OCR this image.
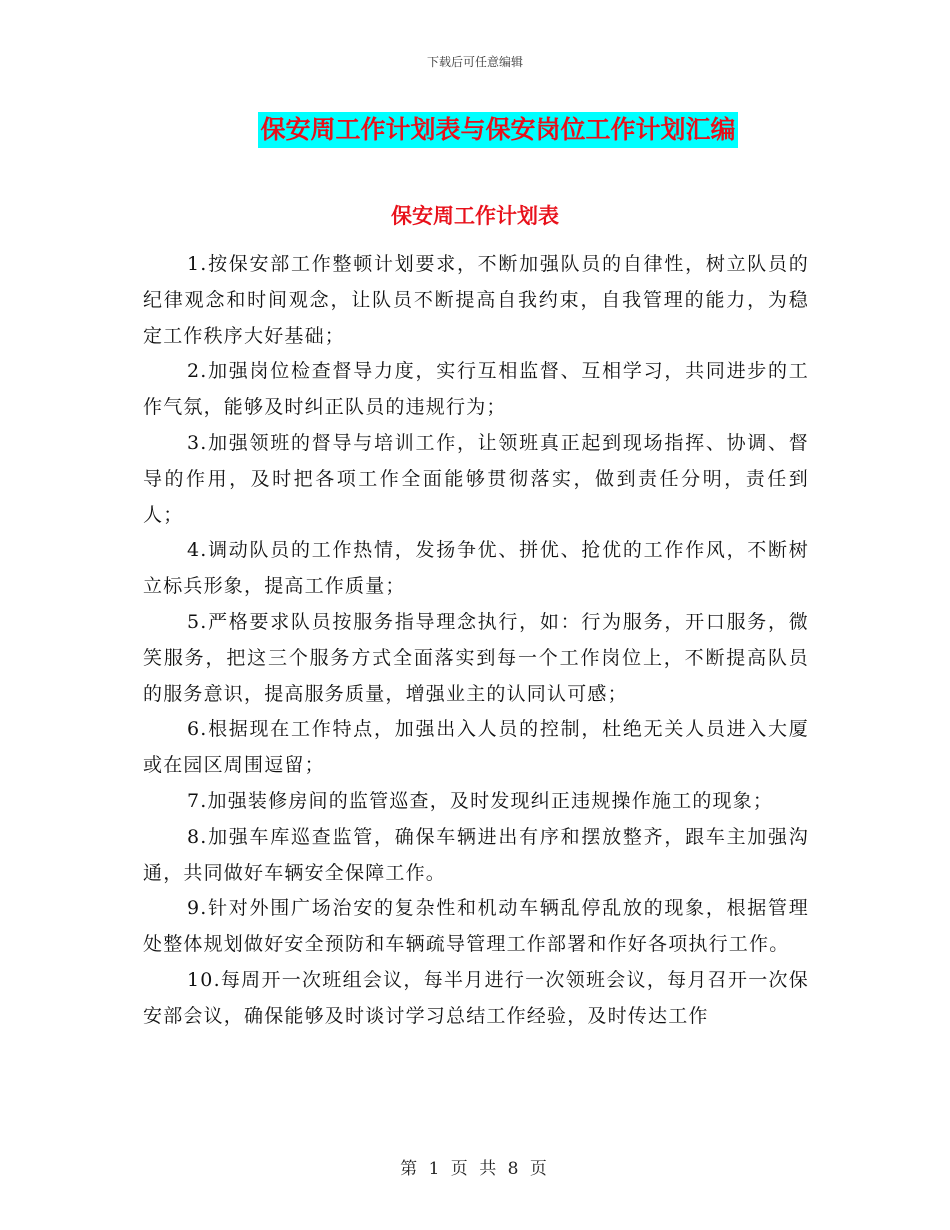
下载后可任意编辑
保安周工作计划表与保安岗位工作计划汇编
保安周工作计划表

1.按保安部工作整顿计划要求，不断加强队员的自律性，树立队员的纪律观念和时间观念，让队员不断提高自我约束，自我管理的能力，为稳定工作秩序大好基础；

2.加强岗位检查督导力度，实行互相监督、互相学习，共同进步的工作气氛，能够及时纠正队员的违规行为；

3.加强领班的督导与培训工作，让领班真正起到现场指挥、协调、督导的作用，及时把各项工作全面能够贯彻落实，做到责任分明，责任到人；

4.调动队员的工作热情，发扬争优、拼优、抢优的工作作风，不断树立标兵形象，提高工作质量；

5.严格要求队员按服务指导理念执行，如：行为服务，开口服务，微笑服务，把这三个服务方式全面落实到每一个工作岗位上，不断提高队员的服务意识，提高服务质量，增强业主的认同认可感；

6.根据现在工作特点，加强出入人员的控制，杜绝无关人员进入大厦或在园区周围逗留；

7.加强装修房间的监管巡查，及时发现纠正违规操作施工的现象；

8.加强车库巡查监管，确保车辆进出有序和摆放整齐，跟车主加强沟通，共同做好车辆安全保障工作。

9.针对外围广场治安的复杂性和机动车辆乱停乱放的现象，根据管理处整体规划做好安全预防和车辆疏导管理工作部署和作好各项执行工作。

10.每周开一次班组会议，每半月进行一次领班会议，每月召开一次保安部会议，确保能够及时谈讨学习总结工作经验，及时传达工作

第 1 页 共 8 页
